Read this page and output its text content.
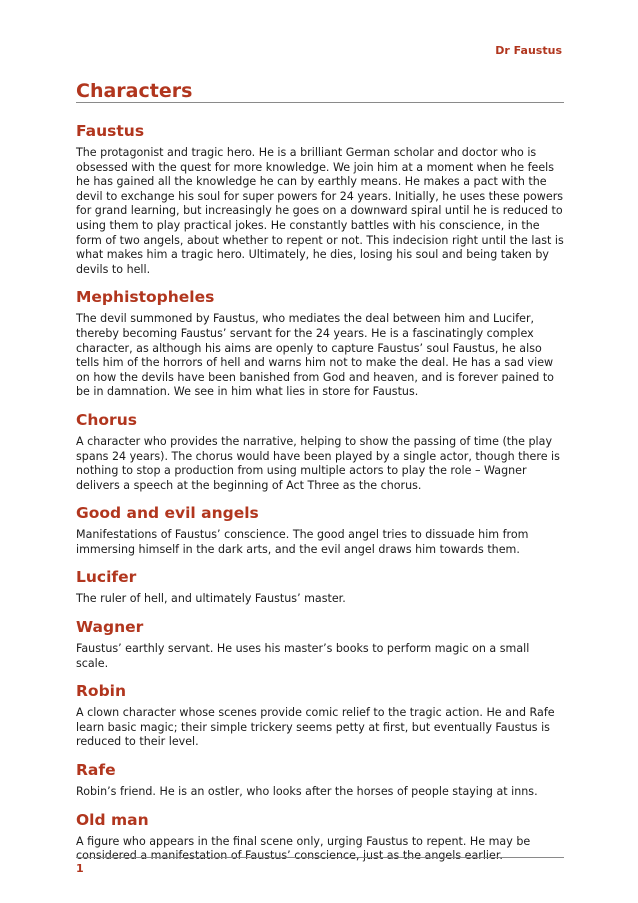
Dr Faustus
Characters
Faustus

The protagonist and tragic hero. He is a brilliant German scholar and doctor who is obsessed with the quest for more knowledge. We join him at a moment when he feels he has gained all the knowledge he can by earthly means. He makes a pact with the devil to exchange his soul for super powers for 24 years. Initially, he uses these powers for grand learning, but increasingly he goes on a downward spiral until he is reduced to using them to play practical jokes. He constantly battles with his conscience, in the form of two angels, about whether to repent or not. This indecision right until the last is what makes him a tragic hero. Ultimately, he dies, losing his soul and being taken by devils to hell.

Mephistopheles

The devil summoned by Faustus, who mediates the deal between him and Lucifer, thereby becoming Faustus’ servant for the 24 years. He is a fascinatingly complex character, as although his aims are openly to capture Faustus’ soul Faustus, he also tells him of the horrors of hell and warns him not to make the deal. He has a sad view on how the devils have been banished from God and heaven, and is forever pained to be in damnation. We see in him what lies in store for Faustus.

Chorus

A character who provides the narrative, helping to show the passing of time (the play spans 24 years). The chorus would have been played by a single actor, though there is nothing to stop a production from using multiple actors to play the role – Wagner delivers a speech at the beginning of Act Three as the chorus.

Good and evil angels

Manifestations of Faustus’ conscience. The good angel tries to dissuade him from immersing himself in the dark arts, and the evil angel draws him towards them.

Lucifer

The ruler of hell, and ultimately Faustus’ master.

Wagner

Faustus’ earthly servant. He uses his master’s books to perform magic on a small scale.

Robin

A clown character whose scenes provide comic relief to the tragic action. He and Rafe learn basic magic; their simple trickery seems petty at first, but eventually Faustus is reduced to their level.

Rafe

Robin’s friend. He is an ostler, who looks after the horses of people staying at inns.

Old man

A figure who appears in the final scene only, urging Faustus to repent. He may be considered a manifestation of Faustus’ conscience, just as the angels earlier.

1
